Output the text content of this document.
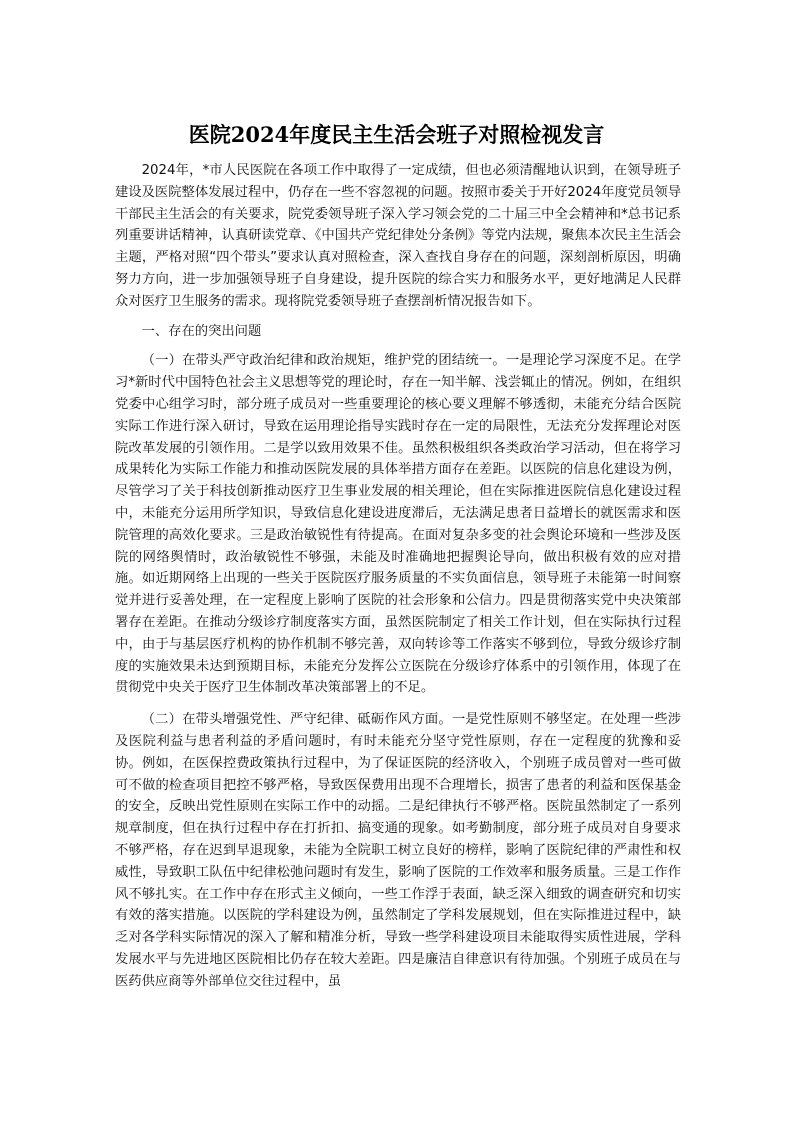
医院2024年度民主生活会班子对照检视发言

2024年，*市人民医院在各项工作中取得了一定成绩，但也必须清醒地认识到，在领导班子建设及医院整体发展过程中，仍存在一些不容忽视的问题。按照市委关于开好2024年度党员领导干部民主生活会的有关要求，院党委领导班子深入学习领会党的二十届三中全会精神和*总书记系列重要讲话精神，认真研读党章、《中国共产党纪律处分条例》等党内法规，聚焦本次民主生活会主题，严格对照“四个带头”要求认真对照检查，深入查找自身存在的问题，深刻剖析原因，明确努力方向，进一步加强领导班子自身建设，提升医院的综合实力和服务水平，更好地满足人民群众对医疗卫生服务的需求。现将院党委领导班子查摆剖析情况报告如下。

一、存在的突出问题

（一）在带头严守政治纪律和政治规矩，维护党的团结统一。一是理论学习深度不足。在学习*新时代中国特色社会主义思想等党的理论时，存在一知半解、浅尝辄止的情况。例如，在组织党委中心组学习时，部分班子成员对一些重要理论的核心要义理解不够透彻，未能充分结合医院实际工作进行深入研讨，导致在运用理论指导实践时存在一定的局限性，无法充分发挥理论对医院改革发展的引领作用。二是学以致用效果不佳。虽然积极组织各类政治学习活动，但在将学习成果转化为实际工作能力和推动医院发展的具体举措方面存在差距。以医院的信息化建设为例，尽管学习了关于科技创新推动医疗卫生事业发展的相关理论，但在实际推进医院信息化建设过程中，未能充分运用所学知识，导致信息化建设进度滞后，无法满足患者日益增长的就医需求和医院管理的高效化要求。三是政治敏锐性有待提高。在面对复杂多变的社会舆论环境和一些涉及医院的网络舆情时，政治敏锐性不够强，未能及时准确地把握舆论导向，做出积极有效的应对措施。如近期网络上出现的一些关于医院医疗服务质量的不实负面信息，领导班子未能第一时间察觉并进行妥善处理，在一定程度上影响了医院的社会形象和公信力。四是贯彻落实党中央决策部署存在差距。在推动分级诊疗制度落实方面，虽然医院制定了相关工作计划，但在实际执行过程中，由于与基层医疗机构的协作机制不够完善，双向转诊等工作落实不够到位，导致分级诊疗制度的实施效果未达到预期目标，未能充分发挥公立医院在分级诊疗体系中的引领作用，体现了在贯彻党中央关于医疗卫生体制改革决策部署上的不足。

（二）在带头增强党性、严守纪律、砥砺作风方面。一是党性原则不够坚定。在处理一些涉及医院利益与患者利益的矛盾问题时，有时未能充分坚守党性原则，存在一定程度的犹豫和妥协。例如，在医保控费政策执行过程中，为了保证医院的经济收入，个别班子成员曾对一些可做可不做的检查项目把控不够严格，导致医保费用出现不合理增长，损害了患者的利益和医保基金的安全，反映出党性原则在实际工作中的动摇。二是纪律执行不够严格。医院虽然制定了一系列规章制度，但在执行过程中存在打折扣、搞变通的现象。如考勤制度，部分班子成员对自身要求不够严格，存在迟到早退现象，未能为全院职工树立良好的榜样，影响了医院纪律的严肃性和权威性，导致职工队伍中纪律松弛问题时有发生，影响了医院的工作效率和服务质量。三是工作作风不够扎实。在工作中存在形式主义倾向，一些工作浮于表面，缺乏深入细致的调查研究和切实有效的落实措施。以医院的学科建设为例，虽然制定了学科发展规划，但在实际推进过程中，缺乏对各学科实际情况的深入了解和精准分析，导致一些学科建设项目未能取得实质性进展，学科发展水平与先进地区医院相比仍存在较大差距。四是廉洁自律意识有待加强。个别班子成员在与医药供应商等外部单位交往过程中，虽
